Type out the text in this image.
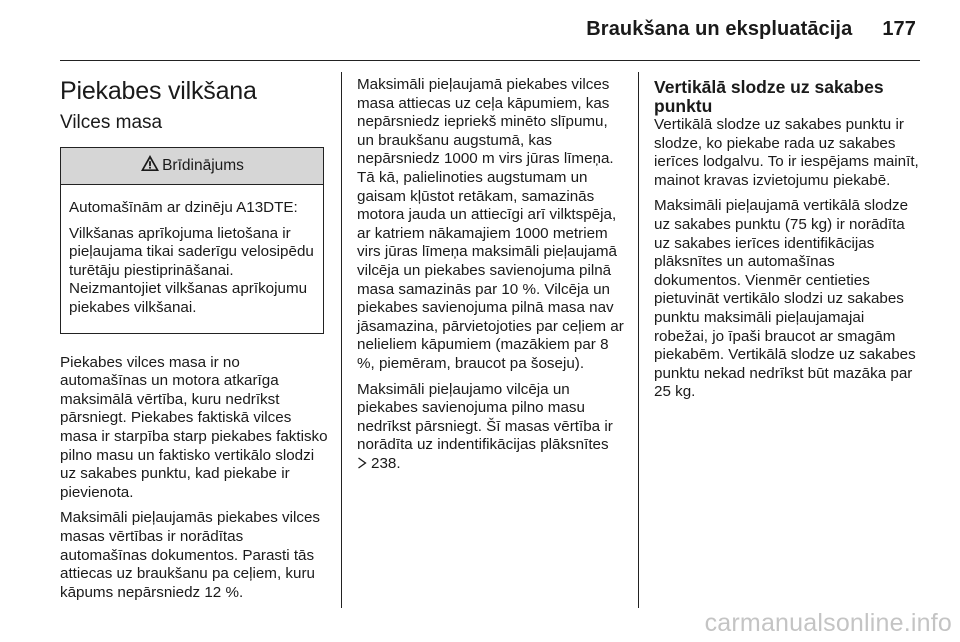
Braukšana un ekspluatācija 177
Piekabes vilkšana
Vilces masa
Brīdinājums

Automašīnām ar dzinēju A13DTE:

Vilkšanas aprīkojuma lietošana ir pieļaujama tikai saderīgu velosipēdu turētāju piestiprināšanai. Neizmantojiet vilkšanas aprīkojumu piekabes vilkšanai.

Piekabes vilces masa ir no automašīnas un motora atkarīga maksimālā vērtība, kuru nedrīkst pārsniegt. Piekabes faktiskā vilces masa ir starpība starp piekabes faktisko pilno masu un faktisko vertikālo slodzi uz sakabes punktu, kad piekabe ir pievienota.

Maksimāli pieļaujamās piekabes vilces masas vērtības ir norādītas automašīnas dokumentos. Parasti tās attiecas uz braukšanu pa ceļiem, kuru kāpums nepārsniedz 12 %.

Maksimāli pieļaujamā piekabes vilces masa attiecas uz ceļa kāpumiem, kas nepārsniedz iepriekš minēto slīpumu, un braukšanu augstumā, kas nepārsniedz 1000 m virs jūras līmeņa. Tā kā, palielinoties augstumam un gaisam kļūstot retākam, samazinās motora jauda un attiecīgi arī vilktspēja, ar katriem nākamajiem 1000 metriem virs jūras līmeņa maksimāli pieļaujamā vilcēja un piekabes savienojuma pilnā masa samazinās par 10 %. Vilcēja un piekabes savienojuma pilnā masa nav jāsamazina, pārvietojoties par ceļiem ar nelieliem kāpumiem (mazākiem par 8 %, piemēram, braucot pa šoseju).

Maksimāli pieļaujamo vilcēja un piekabes savienojuma pilno masu nedrīkst pārsniegt. Šī masas vērtība ir norādīta uz indentifikācijas plāksnītes
238.

Vertikālā slodze uz sakabes punktu

Vertikālā slodze uz sakabes punktu ir slodze, ko piekabe rada uz sakabes ierīces lodgalvu. To ir iespējams mainīt, mainot kravas izvietojumu piekabē.

Maksimāli pieļaujamā vertikālā slodze uz sakabes punktu (75 kg) ir norādīta uz sakabes ierīces identifikācijas plāksnītes un automašīnas dokumentos. Vienmēr centieties pietuvināt vertikālo slodzi uz sakabes punktu maksimāli pieļaujamajai robežai, jo īpaši braucot ar smagām piekabēm. Vertikālā slodze uz sakabes punktu nekad nedrīkst būt mazāka par 25 kg.

carmanualsonline.info
